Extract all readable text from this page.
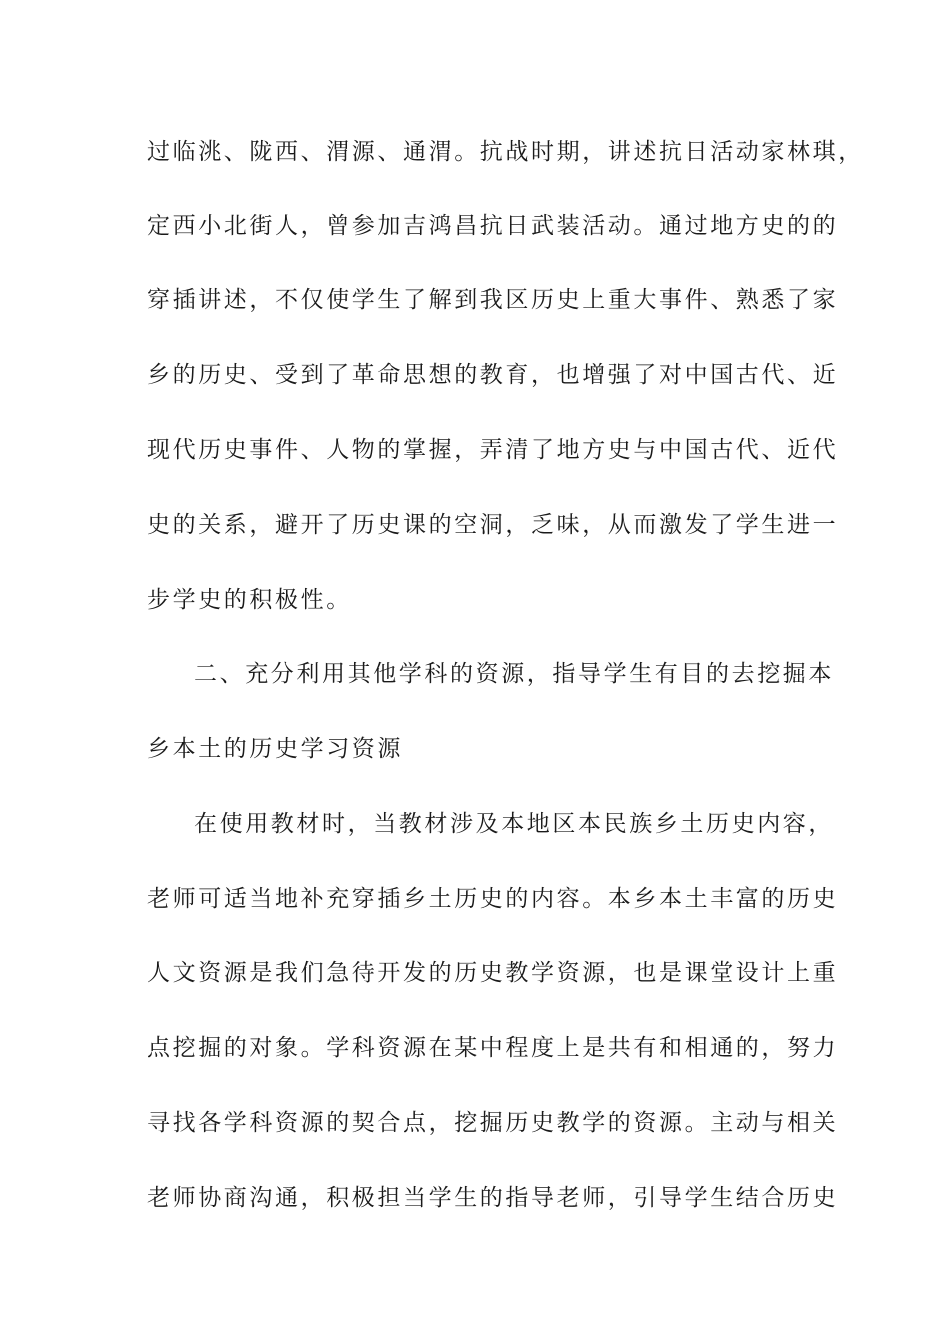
过临洮、陇西、渭源、通渭。抗战时期，讲述抗日活动家林琪，
定西小北街人，曾参加吉鸿昌抗日武装活动。通过地方史的的
穿插讲述，不仅使学生了解到我区历史上重大事件、熟悉了家
乡的历史、受到了革命思想的教育，也增强了对中国古代、近
现代历史事件、人物的掌握，弄清了地方史与中国古代、近代
史的关系，避开了历史课的空洞，乏味，从而激发了学生进一
步学史的积极性。
二、充分利用其他学科的资源，指导学生有目的去挖掘本
乡本土的历史学习资源
在使用教材时，当教材涉及本地区本民族乡土历史内容，
老师可适当地补充穿插乡土历史的内容。本乡本土丰富的历史
人文资源是我们急待开发的历史教学资源，也是课堂设计上重
点挖掘的对象。学科资源在某中程度上是共有和相通的，努力
寻找各学科资源的契合点，挖掘历史教学的资源。主动与相关
老师协商沟通，积极担当学生的指导老师，引导学生结合历史
